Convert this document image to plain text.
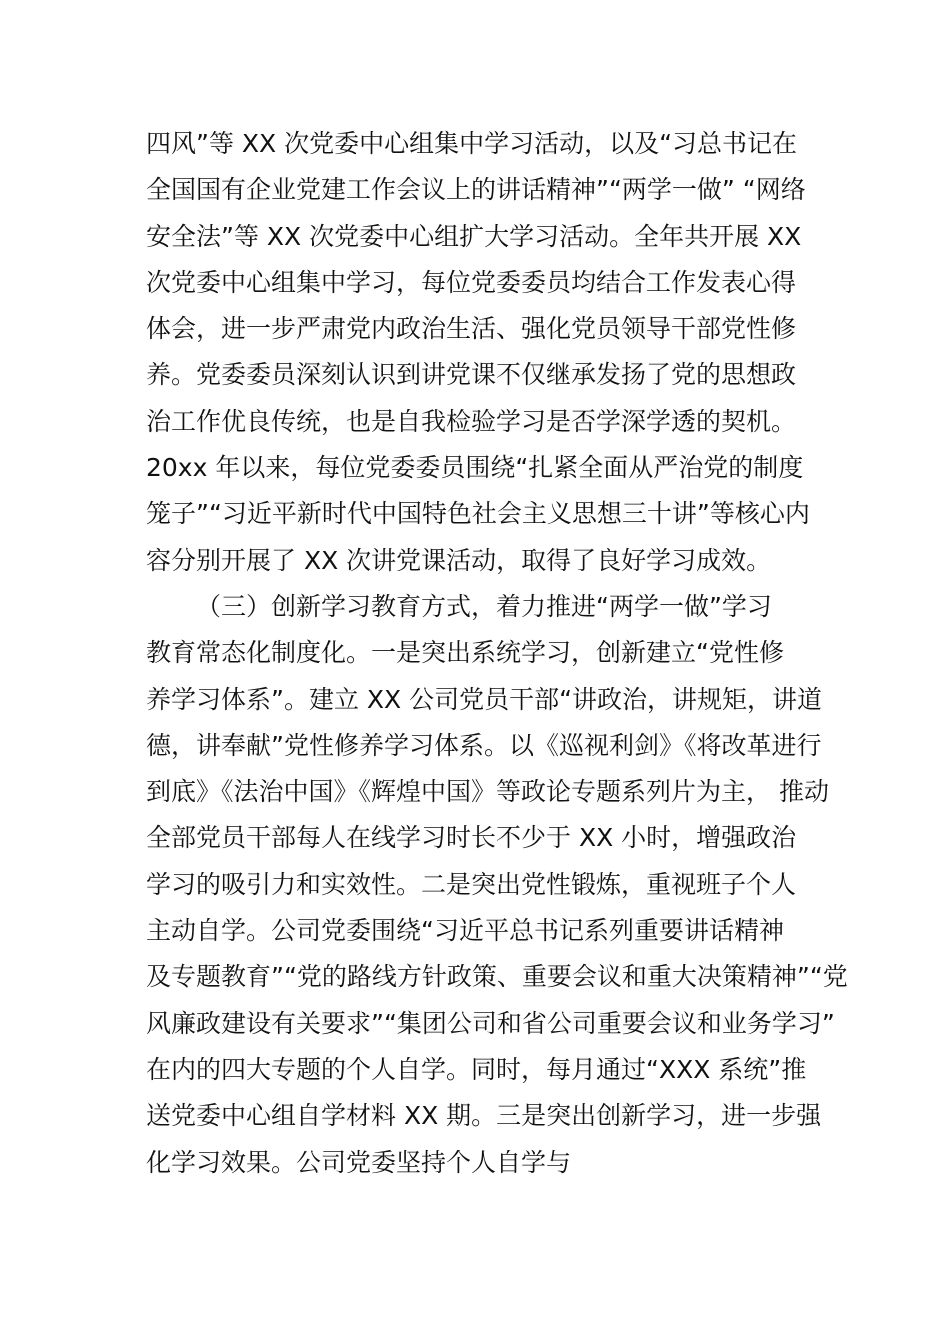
四风”等 XX 次党委中心组集中学习活动，以及“习总书记在
全国国有企业党建工作会议上的讲话精神”“两学一做” “网络
安全法”等 XX 次党委中心组扩大学习活动。全年共开展 XX
次党委中心组集中学习，每位党委委员均结合工作发表心得
体会，进一步严肃党内政治生活、强化党员领导干部党性修
养。党委委员深刻认识到讲党课不仅继承发扬了党的思想政
治工作优良传统，也是自我检验学习是否学深学透的契机。
20xx 年以来，每位党委委员围绕“扎紧全面从严治党的制度
笼子”“习近平新时代中国特色社会主义思想三十讲”等核心内
容分别开展了 XX 次讲党课活动，取得了良好学习成效。
（三）创新学习教育方式，着力推进“两学一做”学习
教育常态化制度化。一是突出系统学习，创新建立“党性修
养学习体系”。建立 XX 公司党员干部“讲政治，讲规矩，讲道
德，讲奉献”党性修养学习体系。以《巡视利剑》《将改革进行
到底》《法治中国》《辉煌中国》等政论专题系列片为主， 推动
全部党员干部每人在线学习时长不少于 XX 小时，增强政治
学习的吸引力和实效性。二是突出党性锻炼，重视班子个人
主动自学。公司党委围绕“习近平总书记系列重要讲话精神
及专题教育”“党的路线方针政策、重要会议和重大决策精神”“党
风廉政建设有关要求”“集团公司和省公司重要会议和业务学习”
在内的四大专题的个人自学。同时，每月通过“XXX 系统”推
送党委中心组自学材料 XX 期。三是突出创新学习，进一步强
化学习效果。公司党委坚持个人自学与
